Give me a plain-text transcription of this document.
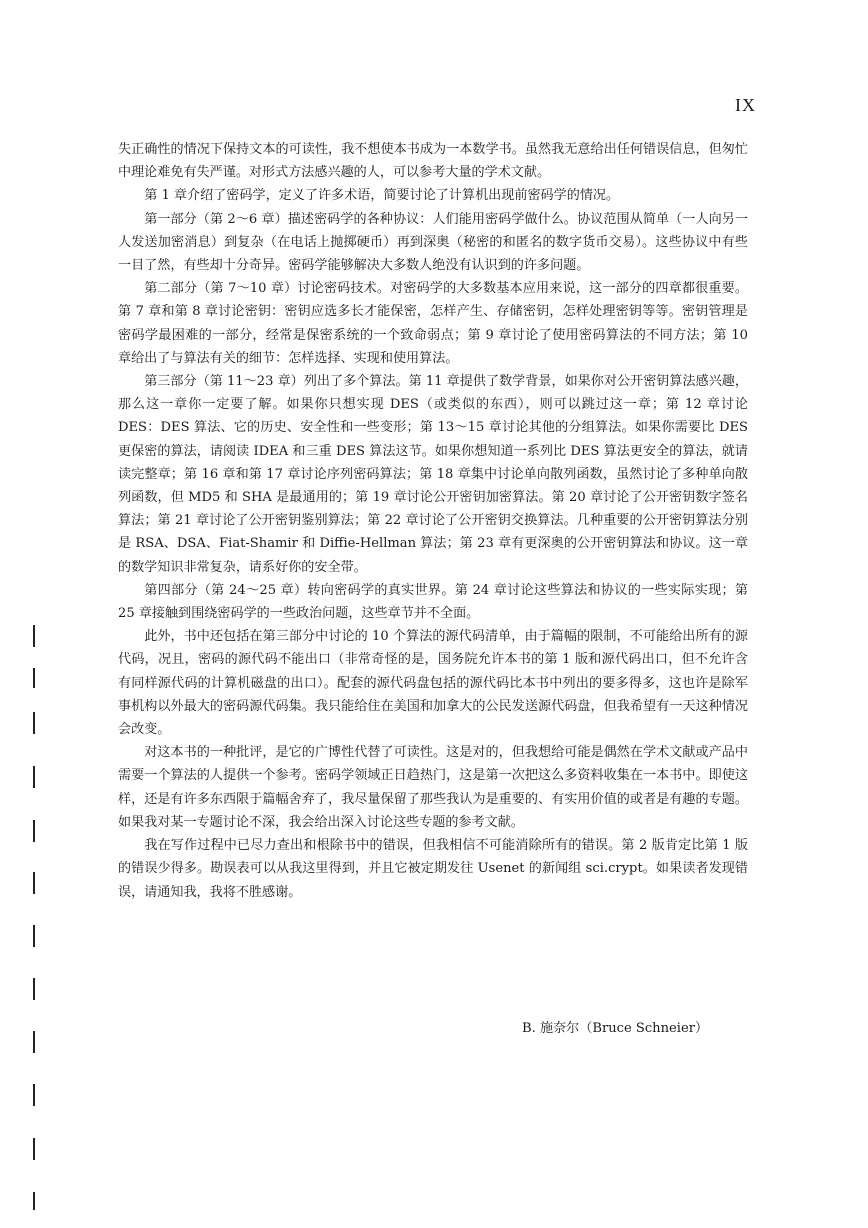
IX

失正确性的情况下保持文本的可读性，我不想使本书成为一本数学书。虽然我无意给出任何错误信息，但匆忙中理论难免有失严谨。对形式方法感兴趣的人，可以参考大量的学术文献。

第 1 章介绍了密码学，定义了许多术语，简要讨论了计算机出现前密码学的情况。

第一部分（第 2～6 章）描述密码学的各种协议：人们能用密码学做什么。协议范围从简单（一人向另一人发送加密消息）到复杂（在电话上抛掷硬币）再到深奥（秘密的和匿名的数字货币交易）。这些协议中有些一目了然，有些却十分奇异。密码学能够解决大多数人绝没有认识到的许多问题。

第二部分（第 7～10 章）讨论密码技术。对密码学的大多数基本应用来说，这一部分的四章都很重要。第 7 章和第 8 章讨论密钥：密钥应选多长才能保密，怎样产生、存储密钥，怎样处理密钥等等。密钥管理是密码学最困难的一部分，经常是保密系统的一个致命弱点；第 9 章讨论了使用密码算法的不同方法；第 10 章给出了与算法有关的细节：怎样选择、实现和使用算法。

第三部分（第 11～23 章）列出了多个算法。第 11 章提供了数学背景，如果你对公开密钥算法感兴趣，那么这一章你一定要了解。如果你只想实现 DES（或类似的东西），则可以跳过这一章；第 12 章讨论 DES：DES 算法、它的历史、安全性和一些变形；第 13～15 章讨论其他的分组算法。如果你需要比 DES 更保密的算法，请阅读 IDEA 和三重 DES 算法这节。如果你想知道一系列比 DES 算法更安全的算法，就请读完整章；第 16 章和第 17 章讨论序列密码算法；第 18 章集中讨论单向散列函数，虽然讨论了多种单向散列函数，但 MD5 和 SHA 是最通用的；第 19 章讨论公开密钥加密算法。第 20 章讨论了公开密钥数字签名算法；第 21 章讨论了公开密钥鉴别算法；第 22 章讨论了公开密钥交换算法。几种重要的公开密钥算法分别是 RSA、DSA、Fiat-Shamir 和 Diffie-Hellman 算法；第 23 章有更深奥的公开密钥算法和协议。这一章的数学知识非常复杂，请系好你的安全带。

第四部分（第 24～25 章）转向密码学的真实世界。第 24 章讨论这些算法和协议的一些实际实现；第 25 章接触到围绕密码学的一些政治问题，这些章节并不全面。

此外，书中还包括在第三部分中讨论的 10 个算法的源代码清单，由于篇幅的限制，不可能给出所有的源代码，况且，密码的源代码不能出口（非常奇怪的是，国务院允许本书的第 1 版和源代码出口，但不允许含有同样源代码的计算机磁盘的出口）。配套的源代码盘包括的源代码比本书中列出的要多得多，这也许是除军事机构以外最大的密码源代码集。我只能给住在美国和加拿大的公民发送源代码盘，但我希望有一天这种情况会改变。

对这本书的一种批评，是它的广博性代替了可读性。这是对的，但我想给可能是偶然在学术文献或产品中需要一个算法的人提供一个参考。密码学领域正日趋热门，这是第一次把这么多资料收集在一本书中。即使这样，还是有许多东西限于篇幅舍弃了，我尽量保留了那些我认为是重要的、有实用价值的或者是有趣的专题。如果我对某一专题讨论不深，我会给出深入讨论这些专题的参考文献。

我在写作过程中已尽力查出和根除书中的错误，但我相信不可能消除所有的错误。第 2 版肯定比第 1 版的错误少得多。勘误表可以从我这里得到，并且它被定期发往 Usenet 的新闻组 sci.crypt。如果读者发现错误，请通知我，我将不胜感谢。

B. 施奈尔（Bruce Schneier）
